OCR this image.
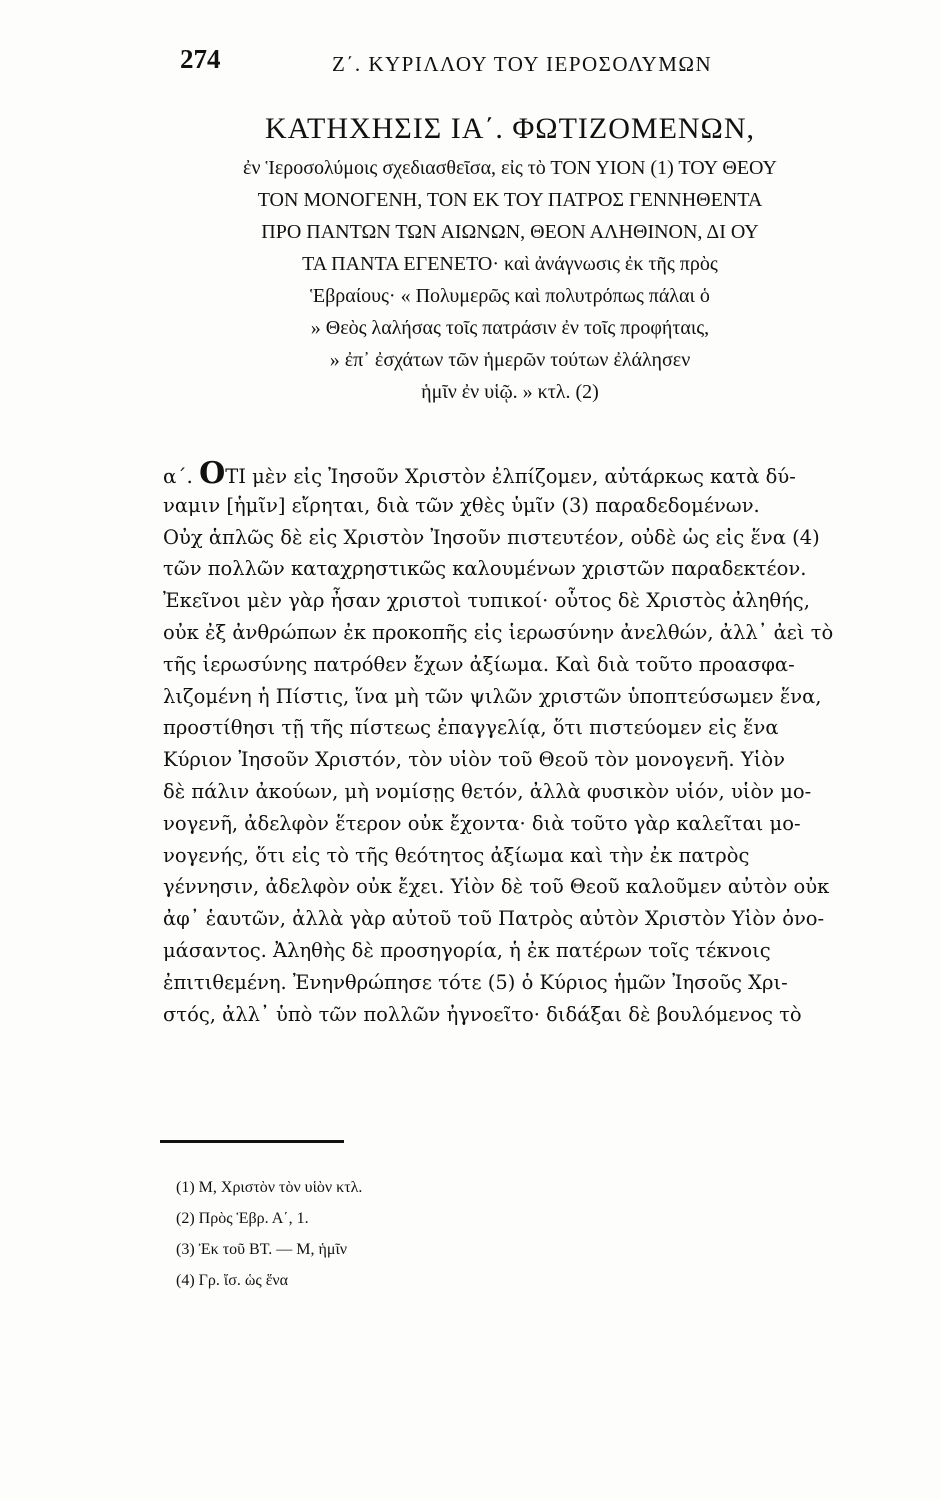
274	Ζ΄. ΚΥΡΙΛΛΟΥ ΤΟΥ ΙΕΡΟΣΟΛΥΜΩΝ
ΚΑΤΗΧΗΣΙΣ ΙΑ΄. ΦΩΤΙΖΟΜΕΝΩΝ,
ἐν Ἱεροσολύμοις σχεδιασθεῖσα, εἰς τὸ ΤΟΝ ΥΙΟΝ (1) ΤΟΥ ΘΕΟΥ
ΤΟΝ ΜΟΝΟΓΕΝΗ, ΤΟΝ ΕΚ ΤΟΥ ΠΑΤΡΟΣ ΓΕΝΝΗΘΕΝΤΑ
ΠΡΟ ΠΑΝΤΩΝ ΤΩΝ ΑΙΩΝΩΝ, ΘΕΟΝ ΑΛΗΘΙΝΟΝ, ΔΙ ΟΥ
ΤΑ ΠΑΝΤΑ ΕΓΕΝΕΤΟ· καὶ ἀνάγνωσις ἐκ τῆς πρὸς
Ἑβραίους· « Πολυμερῶς καὶ πολυτρόπως πάλαι ὁ
» Θεὸς λαλήσας τοῖς πατράσιν ἐν τοῖς προφήταις,
» ἐπ᾽ ἐσχάτων τῶν ἡμερῶν τούτων ἐλάλησεν
ἡμῖν ἐν υἱῷ. » κτλ. (2)
α΄. ΟΤΙ μὲν εἰς Ἰησοῦν Χριστὸν ἐλπίζομεν, αὐτάρκως κατὰ δύ-
ναμιν [ἡμῖν] εἴρηται, διὰ τῶν χθὲς ὑμῖν (3) παραδεδομένων.
Οὐχ ἁπλῶς δὲ εἰς Χριστὸν Ἰησοῦν πιστευτέον, οὐδὲ ὡς εἰς ἕνα (4)
τῶν πολλῶν καταχρηστικῶς καλουμένων χριστῶν παραδεκτέον.
Ἐκεῖνοι μὲν γὰρ ἦσαν χριστοὶ τυπικοί· οὗτος δὲ Χριστὸς ἀληθής,
οὐκ ἐξ ἀνθρώπων ἐκ προκοπῆς εἰς ἱερωσύνην ἀνελθών, ἀλλ᾽ ἀεὶ τὸ
τῆς ἱερωσύνης πατρόθεν ἔχων ἀξίωμα. Καὶ διὰ τοῦτο προασφα-
λιζομένη ἡ Πίστις, ἵνα μὴ τῶν ψιλῶν χριστῶν ὑποπτεύσωμεν ἕνα,
προστίθησι τῇ τῆς πίστεως ἐπαγγελίᾳ, ὅτι πιστεύομεν εἰς ἕνα
Κύριον Ἰησοῦν Χριστόν, τὸν υἱὸν τοῦ Θεοῦ τὸν μονογενῆ. Υἱὸν
δὲ πάλιν ἀκούων, μὴ νομίσῃς θετόν, ἀλλὰ φυσικὸν υἱόν, υἱὸν μο-
νογενῆ, ἀδελφὸν ἕτερον οὐκ ἔχοντα· διὰ τοῦτο γὰρ καλεῖται μο-
νογενής, ὅτι εἰς τὸ τῆς θεότητος ἀξίωμα καὶ τὴν ἐκ πατρὸς
γέννησιν, ἀδελφὸν οὐκ ἔχει. Υἱὸν δὲ τοῦ Θεοῦ καλοῦμεν αὐτὸν οὐκ
ἀφ᾽ ἑαυτῶν, ἀλλὰ γὰρ αὐτοῦ τοῦ Πατρὸς αὐτὸν Χριστὸν Υἱὸν ὀνο-
μάσαντος. Ἀληθὴς δὲ προσηγορία, ἡ ἐκ πατέρων τοῖς τέκνοις
ἐπιτιθεμένη. Ἐνηνθρώπησε τότε (5) ὁ Κύριος ἡμῶν Ἰησοῦς Χρι-
στός, ἀλλ᾽ ὑπὸ τῶν πολλῶν ἠγνοεῖτο· διδάξαι δὲ βουλόμενος τὸ
(1) Μ, Χριστὸν τὸν υἱὸν κτλ.
(2) Πρὸς Ἑβρ. Α΄, 1.
(3) Ἐκ τοῦ ΒΤ. — Μ, ἡμῖν
(4) Γρ. ἴσ. ὡς ἕνα
